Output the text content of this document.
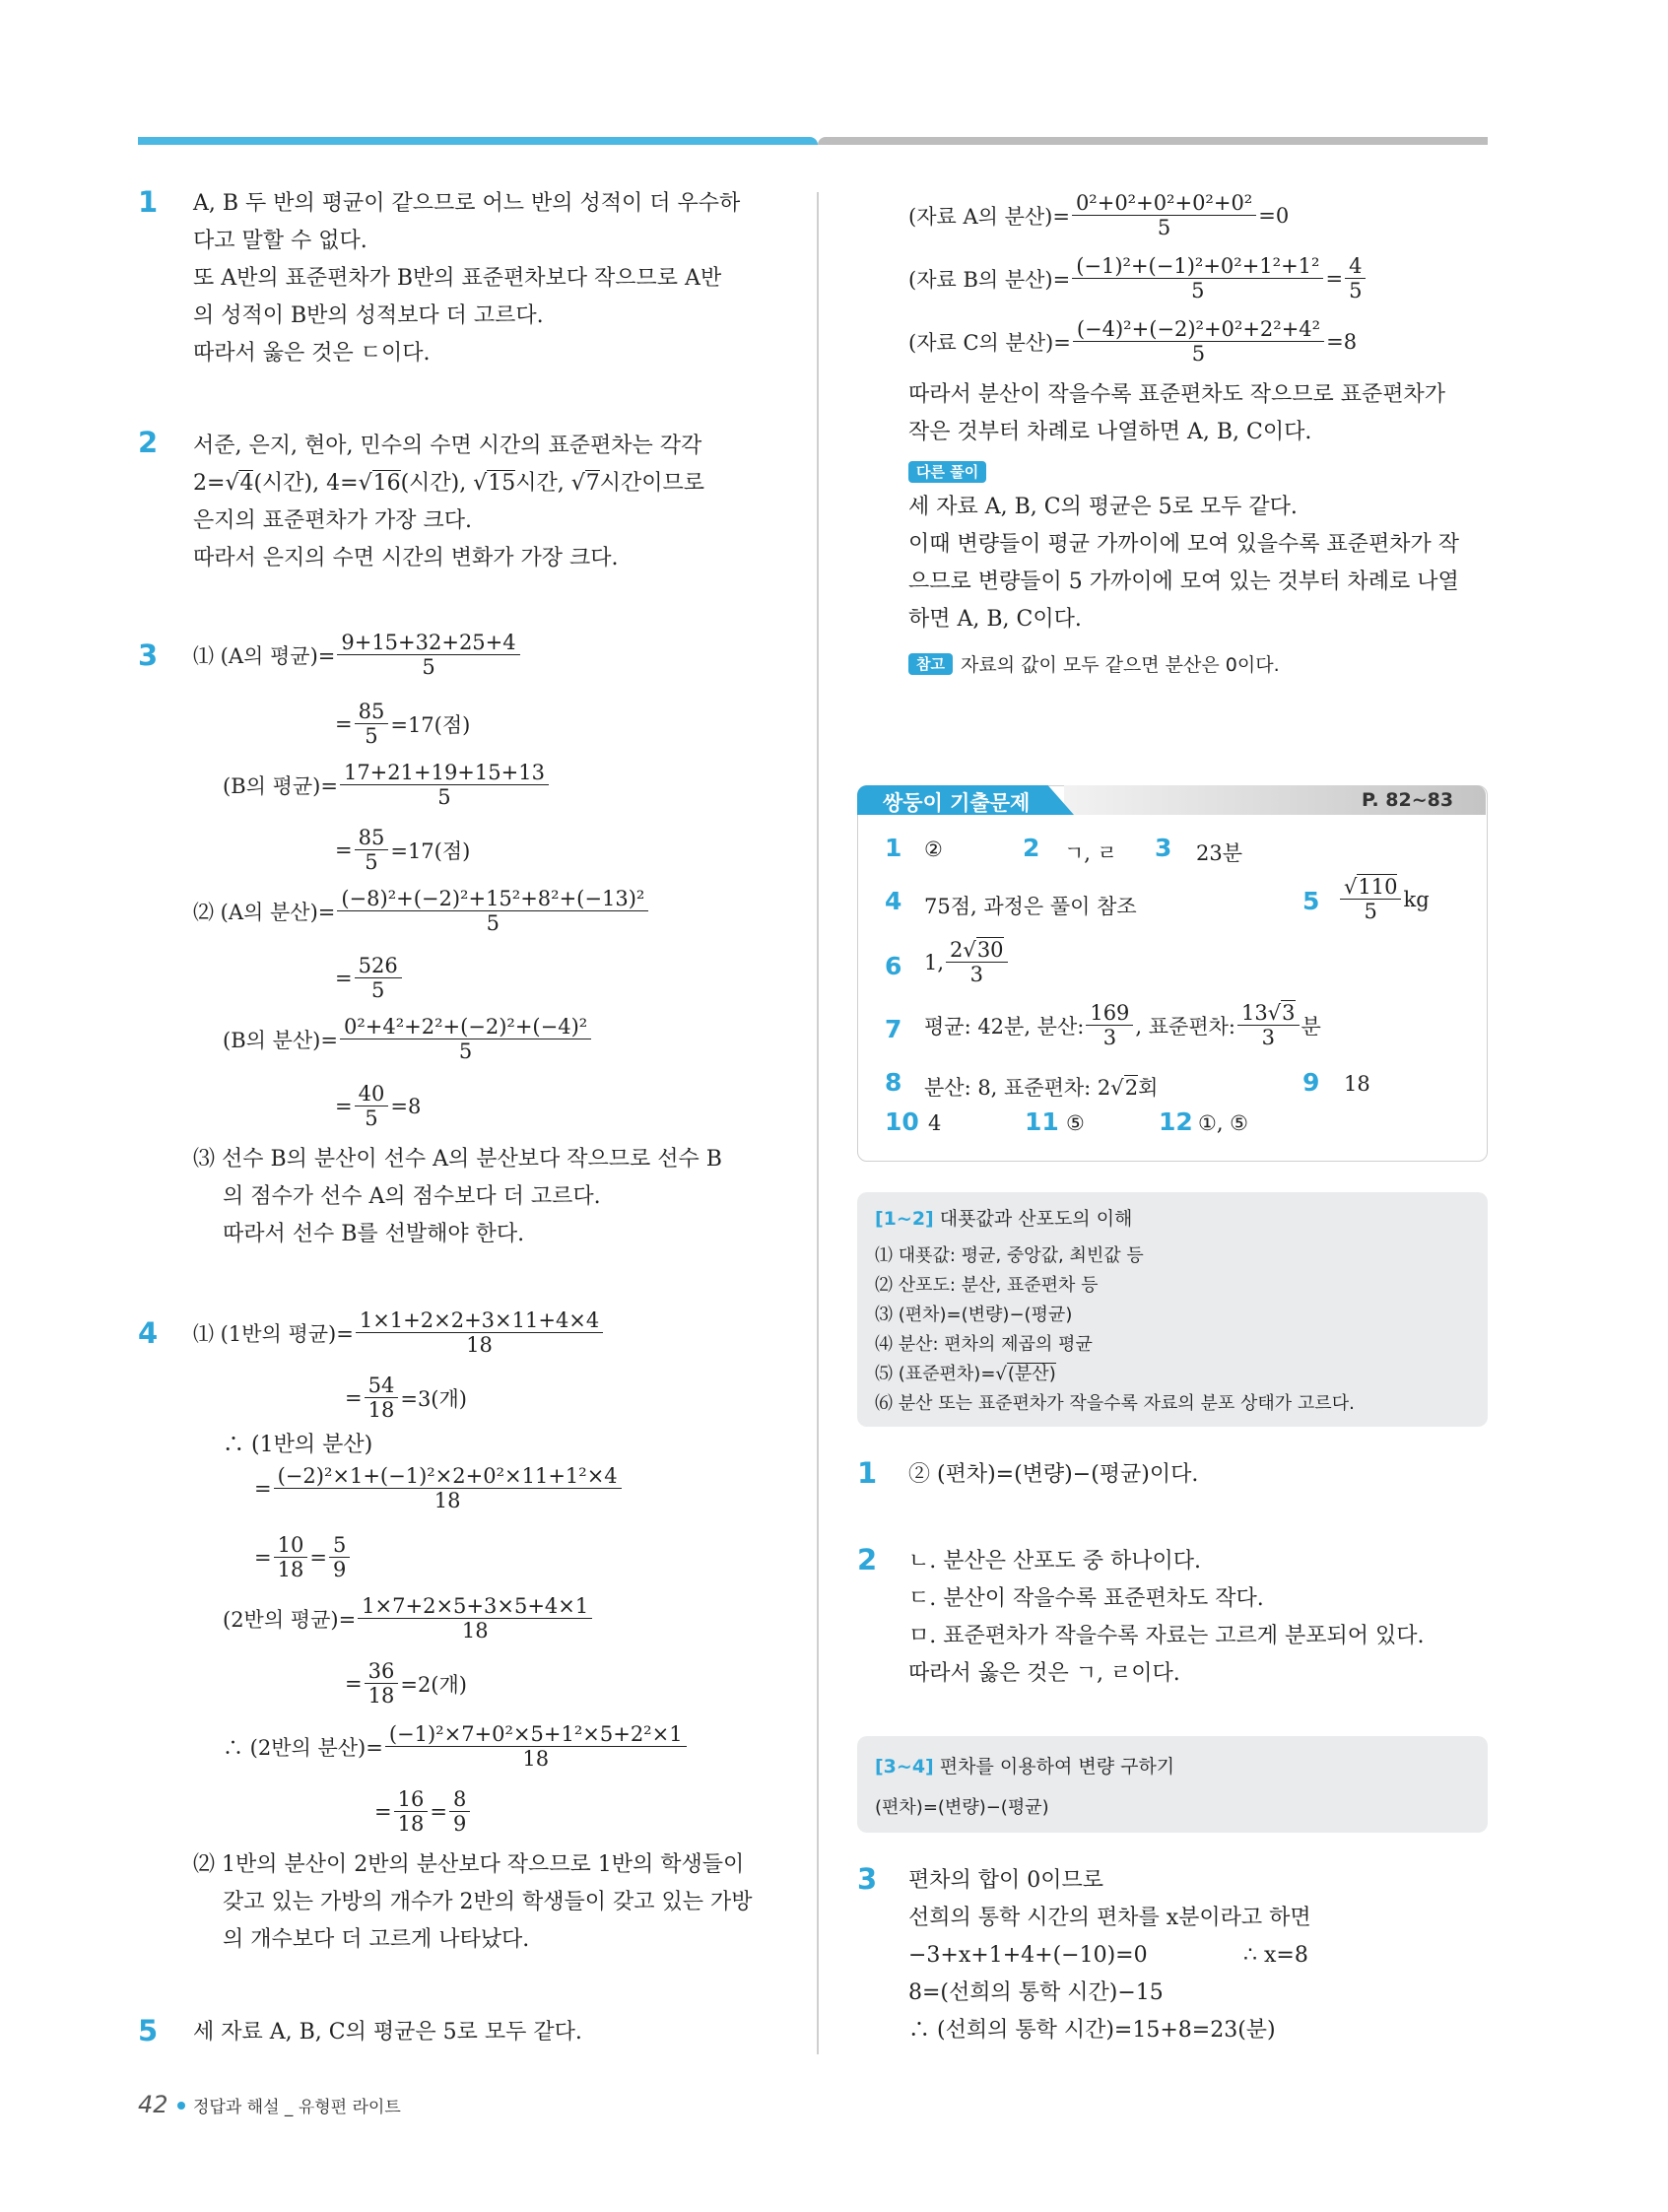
1 A, B 두 반의 평균이 같으므로 어느 반의 성적이 더 우수하
다고 말할 수 없다.
또 A반의 표준편차가 B반의 표준편차보다 작으므로 A반
의 성적이 B반의 성적보다 더 고르다.
따라서 옳은 것은 ㄷ이다.
2 서준, 은지, 현아, 민수의 수면 시간의 표준편차는 각각
2=√4(시간), 4=√16(시간), √15시간, √7시간이므로
은지의 표준편차가 가장 크다.
따라서 은지의 수면 시간의 변화가 가장 크다.
3 ⑴ (A의 평균)= $\frac{9+15+32+25+4}{5}$
= $\frac{85}{5} =17$(점)
(B의 평균)= $\frac{17+21+19+15+13}{5}$
= $\frac{85}{5} =17$(점)
⑵ (A의 분산)= $\frac{\text{(−8)²+(−2)²+15²+8²+(−13)²}}{5}$
= $\frac{526}{5}$
(B의 분산)= $\frac{\text{0²+4²+2²+(−2)²+(−4)²}}{5}$
= $\frac{40}{5} =8$
⑶ 선수 B의 분산이 선수 A의 분산보다 작으므로 선수 B
의 점수가 선수 A의 점수보다 더 고르다.
따라서 선수 B를 선발해야 한다.
4 ⑴ (1반의 평균)= $\frac{1\times 1+2\times 2+3\times 11+4\times 4}{18}$
= $\frac{54}{18} =3$(개)
∴ (1반의 분산)
= $\frac{\text{(−2)²×1+(−1)²×2+0²×11+1²×4}}{18}$
= $\frac{10}{18} = \frac{5}{9}$
(2반의 평균)= $\frac{1\times 7+2\times 5+3\times 5+4\times 1}{18}$
= $\frac{36}{18} =2$(개)
∴ (2반의 분산)= $\frac{\text{(−1)²×7+0²×5+1²×5+2²×1}}{18}$
= $\frac{16}{18} = \frac{8}{9}$
⑵ 1반의 분산이 2반의 분산보다 작으므로 1반의 학생들이
갖고 있는 가방의 개수가 2반의 학생들이 갖고 있는 가방
의 개수보다 더 고르게 나타났다.
5 세 자료 A, B, C의 평균은 5로 모두 같다.
42 정답과 해설 _ 유형편 라이트
(자료 A의 분산)= $\frac{\text{0²+0²+0²+0²+0²}}{5} =0$
(자료 B의 분산)= $\frac{\text{(−1)²+(−1)²+0²+1²+1²}}{5} = \frac{4}{5}$
(자료 C의 분산)= $\frac{\text{(−4)²+(−2)²+0²+2²+4²}}{5} =8$
따라서 분산이 작을수록 표준편차도 작으므로 표준편차가
작은 것부터 차례로 나열하면 A, B, C이다.
다른 풀이
세 자료 A, B, C의 평균은 5로 모두 같다.
이때 변량들이 평균 가까이에 모여 있을수록 표준편차가 작
으므로 변량들이 5 가까이에 모여 있는 것부터 차례로 나열
하면 A, B, C이다.
참고 자료의 값이 모두 같으면 분산은 0이다.
쌍둥이 기출문제	P. 82~83
1 ②	2 ㄱ, ㄹ 3 23분
4 75점, 과정은 풀이 참조	$5 \frac{√110}{5}$ kg
6 1, $\frac{2√30}{3}$
7 평균: 42분, 분산: $\frac{169}{3}$ , 표준편차: $\frac{13√3}{3}$ 분
8 분산: 8, 표준편차: 2√2회	9 18
10 4	11 ⑤	12 ①, ⑤
[1~2] 대푯값과 산포도의 이해
⑴ 대푯값: 평균, 중앙값, 최빈값 등
⑵ 산포도: 분산, 표준편차 등
⑶ (편차)=(변량)−(평균)
⑷ 분산: 편차의 제곱의 평균
⑸ (표준편차)=√(분산)
⑹ 분산 또는 표준편차가 작을수록 자료의 분포 상태가 고르다.
1 ② (편차)=(변량)−(평균)이다.
2 ㄴ. 분산은 산포도 중 하나이다.
ㄷ. 분산이 작을수록 표준편차도 작다.
ㅁ. 표준편차가 작을수록 자료는 고르게 분포되어 있다.
따라서 옳은 것은 ㄱ, ㄹ이다.
[3~4] 편차를 이용하여 변량 구하기
(편차)=(변량)−(평균)
3 편차의 합이 0이므로
선희의 통학 시간의 편차를 x분이라고 하면
−3+x+1+4+(−10)=0	∴ x=8
8=(선희의 통학 시간)−15
∴ (선희의 통학 시간)=15+8=23(분)
